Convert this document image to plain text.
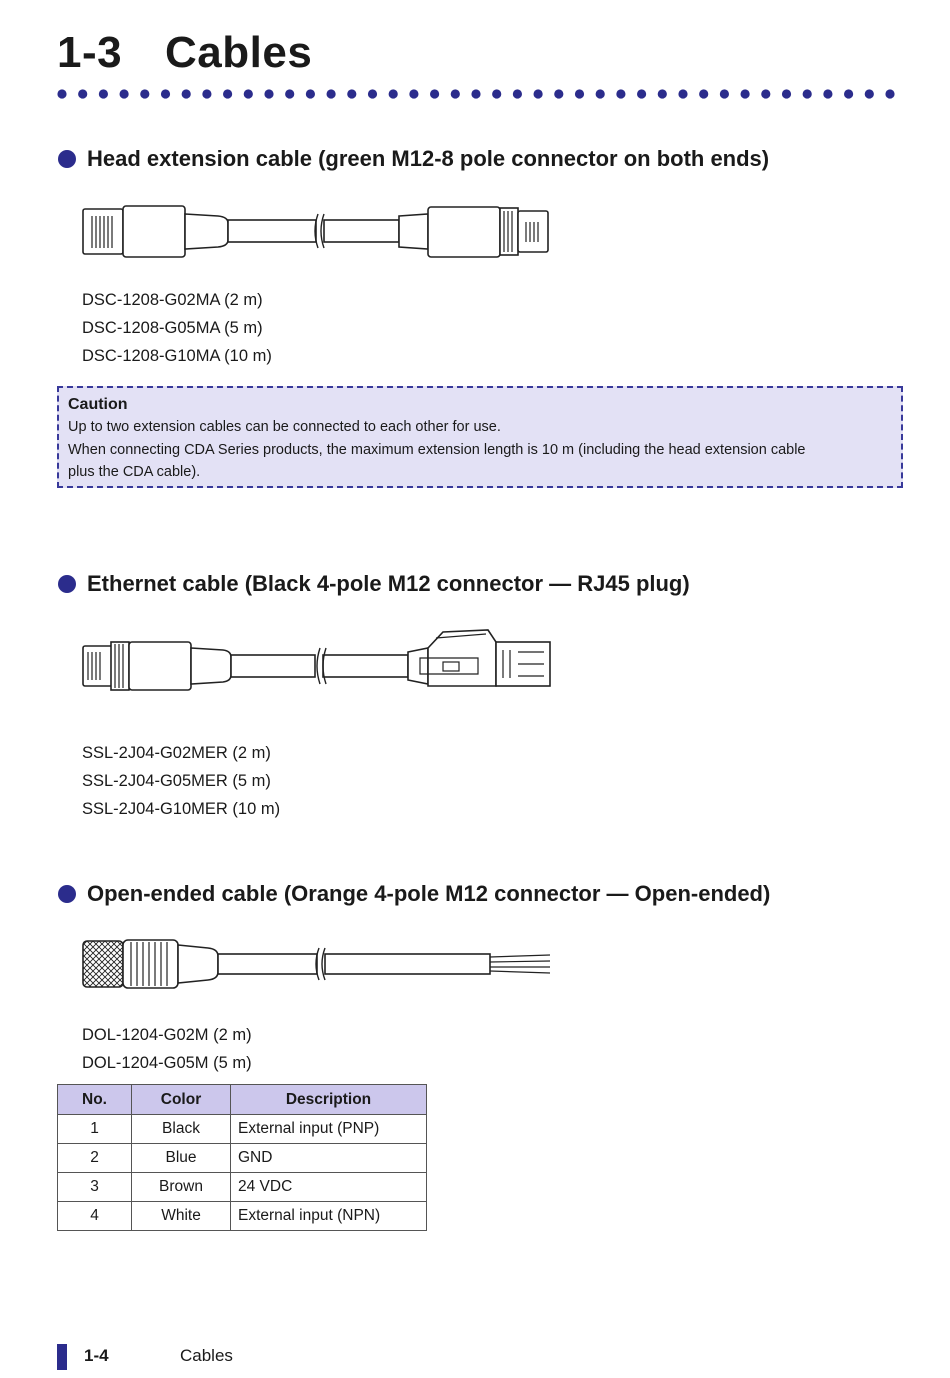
1-3 Cables
Head extension cable (green M12-8 pole connector on both ends)
DSC-1208-G02MA (2 m)
DSC-1208-G05MA (5 m)
DSC-1208-G10MA (10 m)
Caution
Up to two extension cables can be connected to each other for use.
When connecting CDA Series products, the maximum extension length is 10 m (including the head extension cable
plus the CDA cable).
Ethernet cable (Black 4-pole M12 connector — RJ45 plug)
SSL-2J04-G02MER (2 m)
SSL-2J04-G05MER (5 m)
SSL-2J04-G10MER (10 m)
Open-ended cable (Orange 4-pole M12 connector — Open-ended)
DOL-1204-G02M (2 m)
DOL-1204-G05M (5 m)
No.	Color	Description
1	Black	External input (PNP)
2	Blue	GND
3	Brown	24 VDC
4	White	External input (NPN)
1-4	Cables
